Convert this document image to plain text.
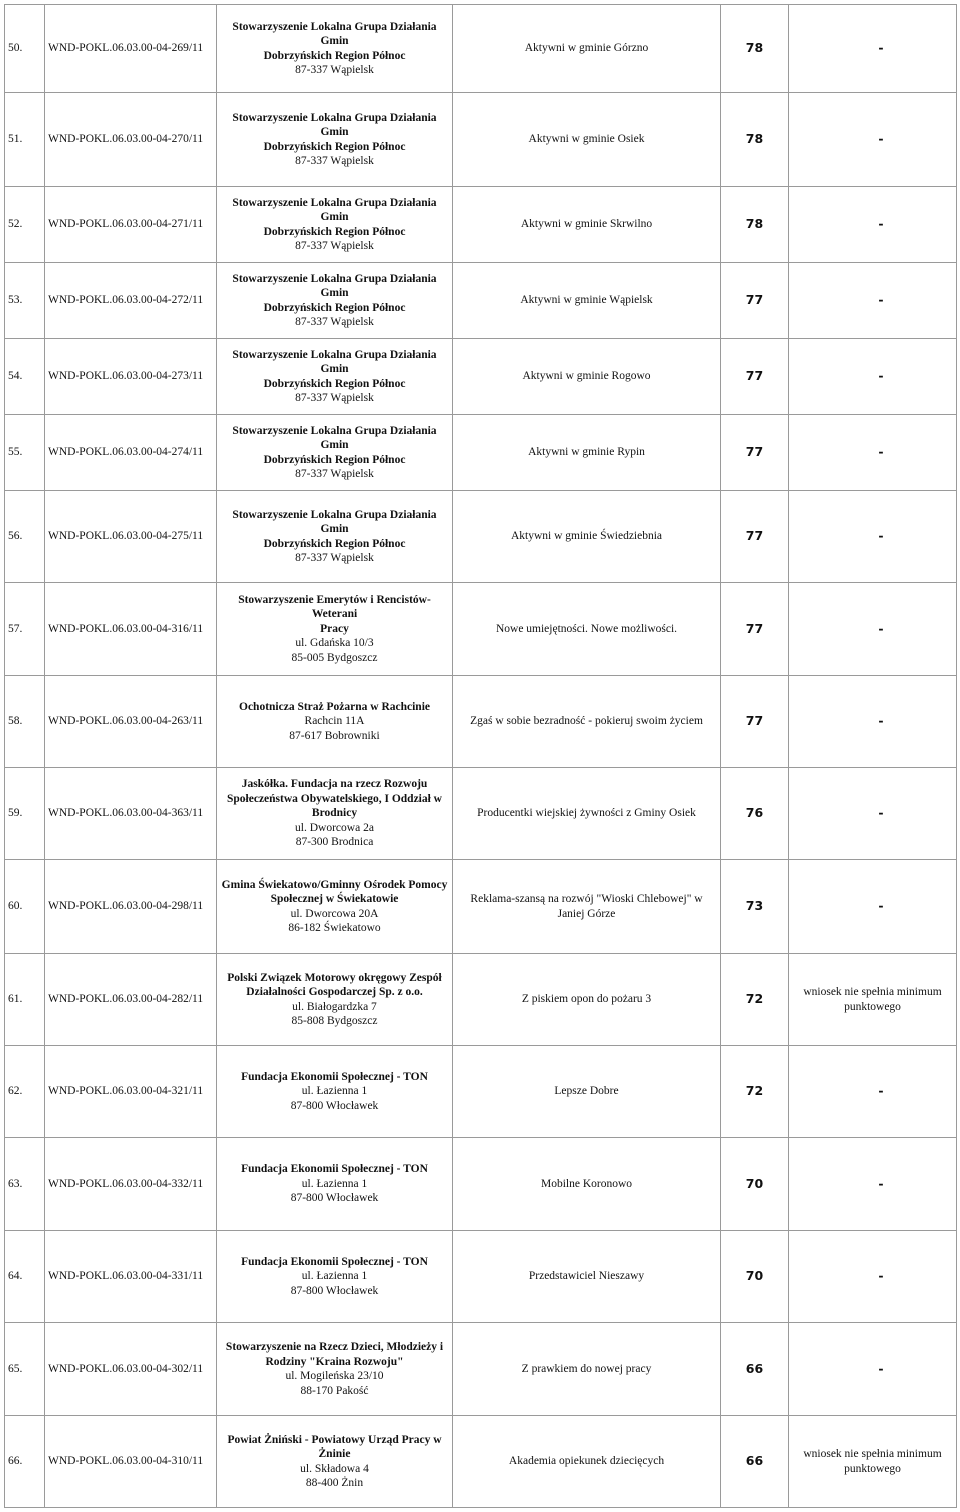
50.	WND-POKL.06.03.00-04-269/11	Stowarzyszenie Lokalna Grupa Działania Gmin
Dobrzyńskich Region Północ
87-337 Wąpielsk	Aktywni w gminie Górzno	78	-
51.	WND-POKL.06.03.00-04-270/11	Stowarzyszenie Lokalna Grupa Działania Gmin
Dobrzyńskich Region Północ
87-337 Wąpielsk	Aktywni w gminie Osiek	78	-
52.	WND-POKL.06.03.00-04-271/11	Stowarzyszenie Lokalna Grupa Działania Gmin
Dobrzyńskich Region Północ
87-337 Wąpielsk	Aktywni w gminie Skrwilno	78	-
53.	WND-POKL.06.03.00-04-272/11	Stowarzyszenie Lokalna Grupa Działania Gmin
Dobrzyńskich Region Północ
87-337 Wąpielsk	Aktywni w gminie Wąpielsk	77	-
54.	WND-POKL.06.03.00-04-273/11	Stowarzyszenie Lokalna Grupa Działania Gmin
Dobrzyńskich Region Północ
87-337 Wąpielsk	Aktywni w gminie Rogowo	77	-
55.	WND-POKL.06.03.00-04-274/11	Stowarzyszenie Lokalna Grupa Działania Gmin
Dobrzyńskich Region Północ
87-337 Wąpielsk	Aktywni w gminie Rypin	77	-
56.	WND-POKL.06.03.00-04-275/11	Stowarzyszenie Lokalna Grupa Działania Gmin
Dobrzyńskich Region Północ
87-337 Wąpielsk	Aktywni w gminie Świedziebnia	77	-
57.	WND-POKL.06.03.00-04-316/11	Stowarzyszenie Emerytów i Rencistów-Weterani
Pracy
ul. Gdańska 10/3
85-005 Bydgoszcz	Nowe umiejętności. Nowe możliwości.	77	-
58.	WND-POKL.06.03.00-04-263/11	Ochotnicza Straż Pożarna w Rachcinie
Rachcin 11A
87-617 Bobrowniki	Zgaś w sobie bezradność - pokieruj swoim życiem	77	-
59.	WND-POKL.06.03.00-04-363/11	Jaskółka. Fundacja na rzecz Rozwoju
Społeczeństwa Obywatelskiego, I Oddział w
Brodnicy
ul. Dworcowa 2a
87-300 Brodnica	Producentki wiejskiej żywności z Gminy Osiek	76	-
60.	WND-POKL.06.03.00-04-298/11	Gmina Świekatowo/Gminny Ośrodek Pomocy
Społecznej w Świekatowie
ul. Dworcowa 20A
86-182 Świekatowo	Reklama-szansą na rozwój "Wioski Chlebowej" w Janiej Górze	73	-
61.	WND-POKL.06.03.00-04-282/11	Polski Związek Motorowy okręgowy Zespół
Działalności Gospodarczej Sp. z o.o.
ul. Białogardzka 7
85-808 Bydgoszcz	Z piskiem opon do pożaru 3	72	wniosek nie spełnia minimum punktowego
62.	WND-POKL.06.03.00-04-321/11	Fundacja Ekonomii Społecznej - TON
ul. Łazienna 1
87-800 Włocławek	Lepsze Dobre	72	-
63.	WND-POKL.06.03.00-04-332/11	Fundacja Ekonomii Społecznej - TON
ul. Łazienna 1
87-800 Włocławek	Mobilne Koronowo	70	-
64.	WND-POKL.06.03.00-04-331/11	Fundacja Ekonomii Społecznej - TON
ul. Łazienna 1
87-800 Włocławek	Przedstawiciel Nieszawy	70	-
65.	WND-POKL.06.03.00-04-302/11	Stowarzyszenie na Rzecz Dzieci, Młodzieży i
Rodziny "Kraina Rozwoju"
ul. Mogileńska 23/10
88-170 Pakość	Z prawkiem do nowej pracy	66	-
66.	WND-POKL.06.03.00-04-310/11	Powiat Żniński - Powiatowy Urząd Pracy w
Żninie
ul. Składowa 4
88-400 Żnin	Akademia opiekunek dziecięcych	66	wniosek nie spełnia minimum punktowego
